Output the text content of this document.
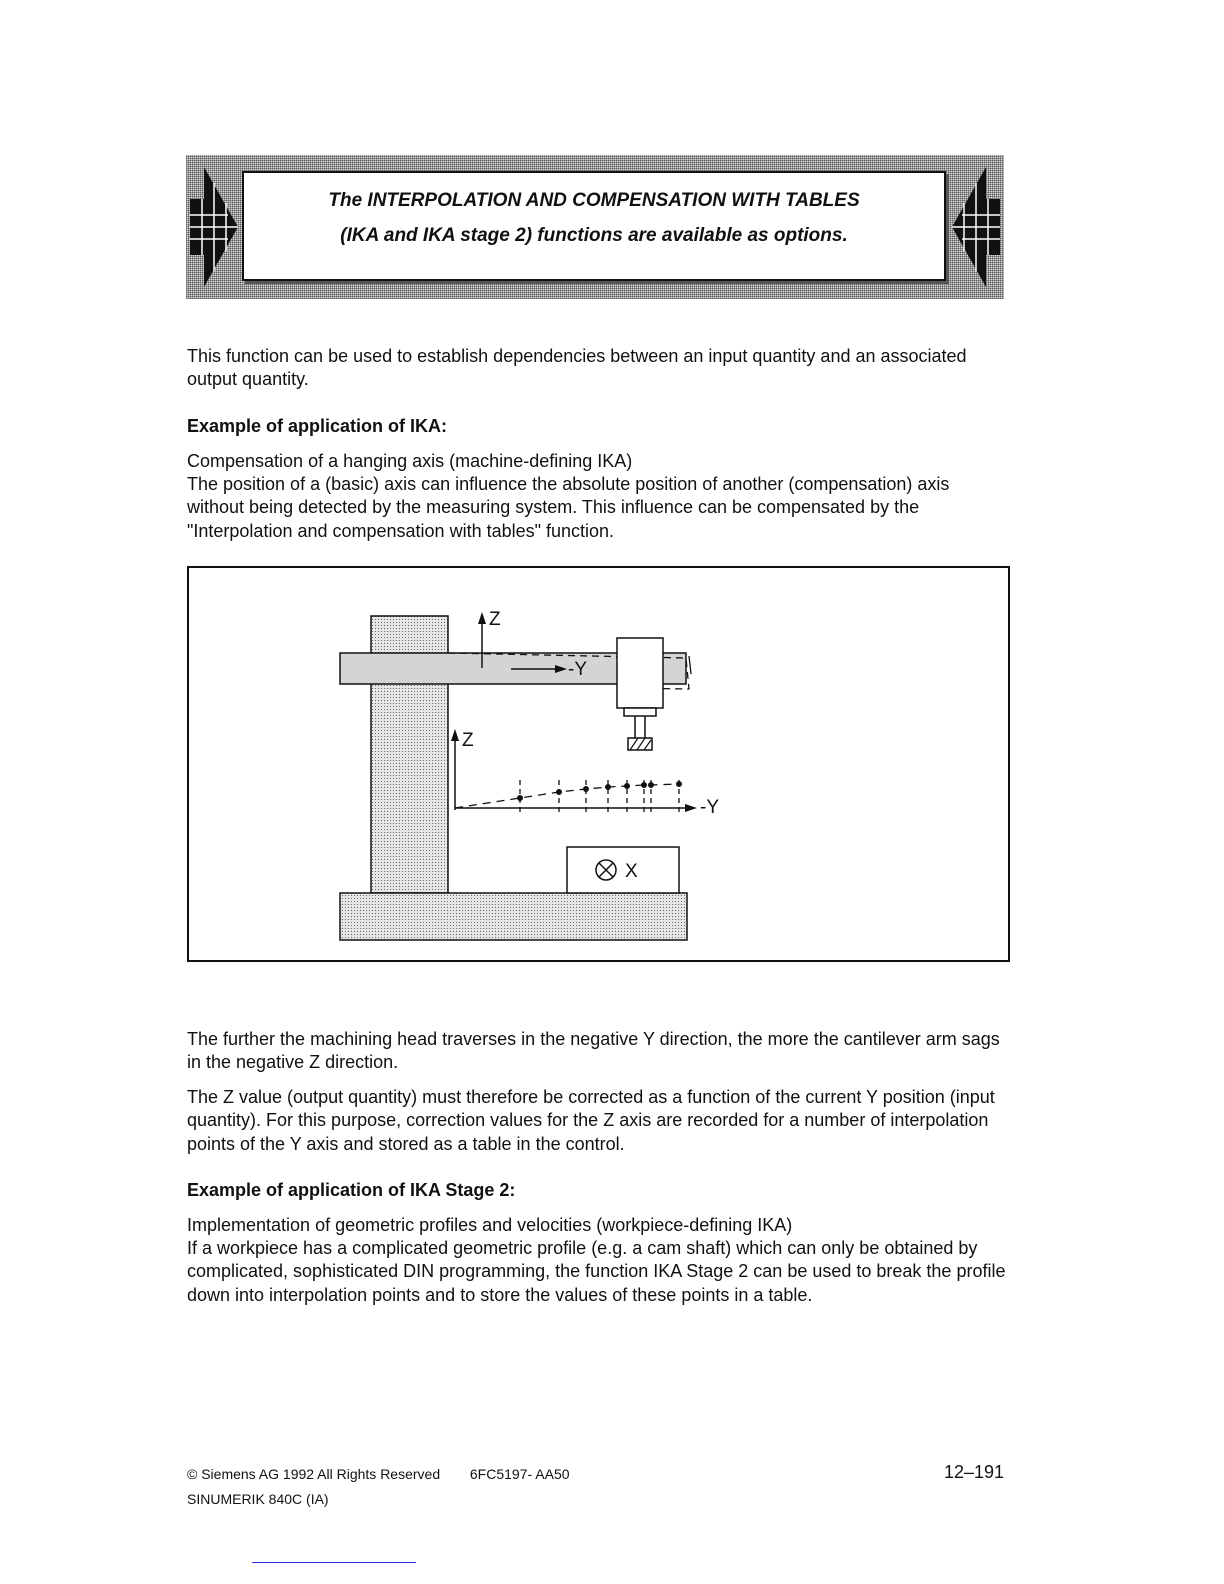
The INTERPOLATION AND COMPENSATION WITH TABLES
(IKA and IKA stage 2) functions are available as options.

This function can be used to establish dependencies between an input quantity and an associated output quantity.

Example of application of IKA:

Compensation of a hanging axis (machine-defining IKA)

The position of a (basic) axis can influence the absolute position of another (compensation) axis without being detected by the measuring system. This influence can be compensated by the "Interpolation and compensation with tables" function.

Z
-Y
Z
-Y
X

The further the machining head traverses in the negative Y direction, the more the cantilever arm sags in the negative Z direction.

The Z value (output quantity) must therefore be corrected as a function of the current Y position (input quantity). For this purpose, correction values for the Z axis are recorded for a number of interpolation points of the Y axis and stored as a table in the control.

Example of application of IKA Stage 2:

Implementation of geometric profiles and velocities (workpiece-defining IKA)

If a workpiece has a complicated geometric profile (e.g. a cam shaft) which can only be obtained by complicated, sophisticated DIN programming, the function IKA Stage 2 can be used to break the profile down into interpolation points and to store the values of these points in a table.

© Siemens AG 1992 All Rights Reserved 6FC5197- AA50
SINUMERIK 840C (IA)
12–191
